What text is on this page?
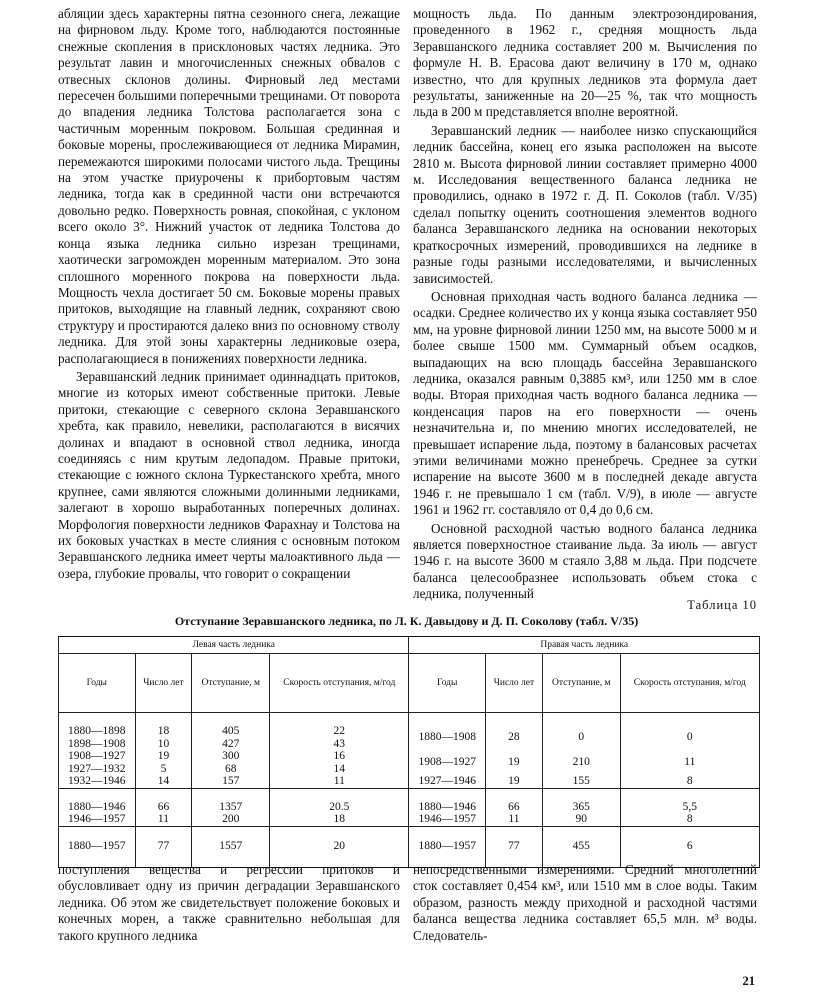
абляции здесь характерны пятна сезонного снега, лежащие на фирновом льду. Кроме того, наблюдаются постоянные снежные скопления в присклоновых частях ледника. Это результат лавин и многочисленных снежных обвалов с отвесных склонов долины. Фирновый лед местами пересечен большими поперечными трещинами. От поворота до впадения ледника Толстова располагается зона с частичным моренным покровом. Большая срединная и боковые морены, прослеживающиеся от ледника Мирамин, перемежаются широкими полосами чистого льда. Трещины на этом участке приурочены к прибортовым частям ледника, тогда как в срединной части они встречаются довольно редко. Поверхность ровная, спокойная, с уклоном всего около 3°. Нижний участок от ледника Толстова до конца языка ледника сильно изрезан трещинами, хаотически загроможден моренным материалом. Это зона сплошного моренного покрова на поверхности льда. Мощность чехла достигает 50 см. Боковые морены правых притоков, выходящие на главный ледник, сохраняют свою структуру и простираются далеко вниз по основному стволу ледника. Для этой зоны характерны ледниковые озера, располагающиеся в понижениях поверхности ледника.

Зеравшанский ледник принимает одиннадцать притоков, многие из которых имеют собственные притоки. Левые притоки, стекающие с северного склона Зеравшанского хребта, как правило, невелики, располагаются в висячих долинах и впадают в основной ствол ледника, иногда соединяясь с ним крутым ледопадом. Правые притоки, стекающие с южного склона Туркестанского хребта, много крупнее, сами являются сложными долинными ледниками, залегают в хорошо выработанных поперечных долинах. Морфология поверхности ледников Фарахнау и Толстова на их боковых участках в месте слияния с основным потоком Зеравшанского ледника имеет черты малоактивного льда — озера, глубокие провалы, что говорит о сокращении

мощность льда. По данным электрозондирования, проведенного в 1962 г., средняя мощность льда Зеравшанского ледника составляет 200 м. Вычисления по формуле Н. В. Ерасова дают величину в 170 м, однако известно, что для крупных ледников эта формула дает результаты, заниженные на 20—25 %, так что мощность льда в 200 м представляется вполне вероятной.

Зеравшанский ледник — наиболее низко спускающийся ледник бассейна, конец его языка расположен на высоте 2810 м. Высота фирновой линии составляет примерно 4000 м. Исследования вещественного баланса ледника не проводились, однако в 1972 г. Д. П. Соколов (табл. V/35) сделал попытку оценить соотношения элементов водного баланса Зеравшанского ледника на основании некоторых краткосрочных измерений, проводившихся на леднике в разные годы разными исследователями, и вычисленных зависимостей.

Основная приходная часть водного баланса ледника — осадки. Среднее количество их у конца языка составляет 950 мм, на уровне фирновой линии 1250 мм, на высоте 5000 м и более свыше 1500 мм. Суммарный объем осадков, выпадающих на всю площадь бассейна Зеравшанского ледника, оказался равным 0,3885 км³, или 1250 мм в слое воды. Вторая приходная часть водного баланса ледника — конденсация паров на его поверхности — очень незначительна и, по мнению многих исследователей, не превышает испарение льда, поэтому в балансовых расчетах этими величинами можно пренебречь. Среднее за сутки испарение на высоте 3600 м в последней декаде августа 1946 г. не превышало 1 см (табл. V/9), в июле — августе 1961 и 1962 гг. составляло от 0,4 до 0,6 см.

Основной расходной частью водного баланса ледника является поверхностное стаивание льда. За июль — август 1946 г. на высоте 3600 м стаяло 3,88 м льда. При подсчете баланса целесообразнее использовать объем стока с ледника, полученный

Таблица 10
Отступание Зеравшанского ледника, по Л. К. Давыдову и Д. П. Соколову (табл. V/35)
Левая часть ледника				Правая часть ледника			
Годы	Число лет	Отступание, м	Скорость отступания, м/год	Годы	Число лет	Отступание, м	Скорость отступания, м/год

1880—1898	18	405	22	1880—1908	28	0	0
1898—1908	10	427	43				
1908—1927	19	300	16	1908—1927	19	210	11
1927—1932	5	68	14				
1932—1946	14	157	11	1927—1946	19	155	8

1880—1946	66	1357	20.5	1880—1946	66	365	5,5
1946—1957	11	200	18	1946—1957	11	90	8
1880—1957	77	1557	20	1880—1957	77	455	6
поступления вещества и регрессии притоков и обусловливает одну из причин деградации Зеравшанского ледника. Об этом же свидетельствует положение боковых и конечных морен, а также сравнительно небольшая для такого крупного ледника
непосредственными измерениями. Средний многолетний сток составляет 0,454 км³, или 1510 мм в слое воды. Таким образом, разность между приходной и расходной частями баланса вещества ледника составляет 65,5 млн. м³ воды. Следователь-
21
